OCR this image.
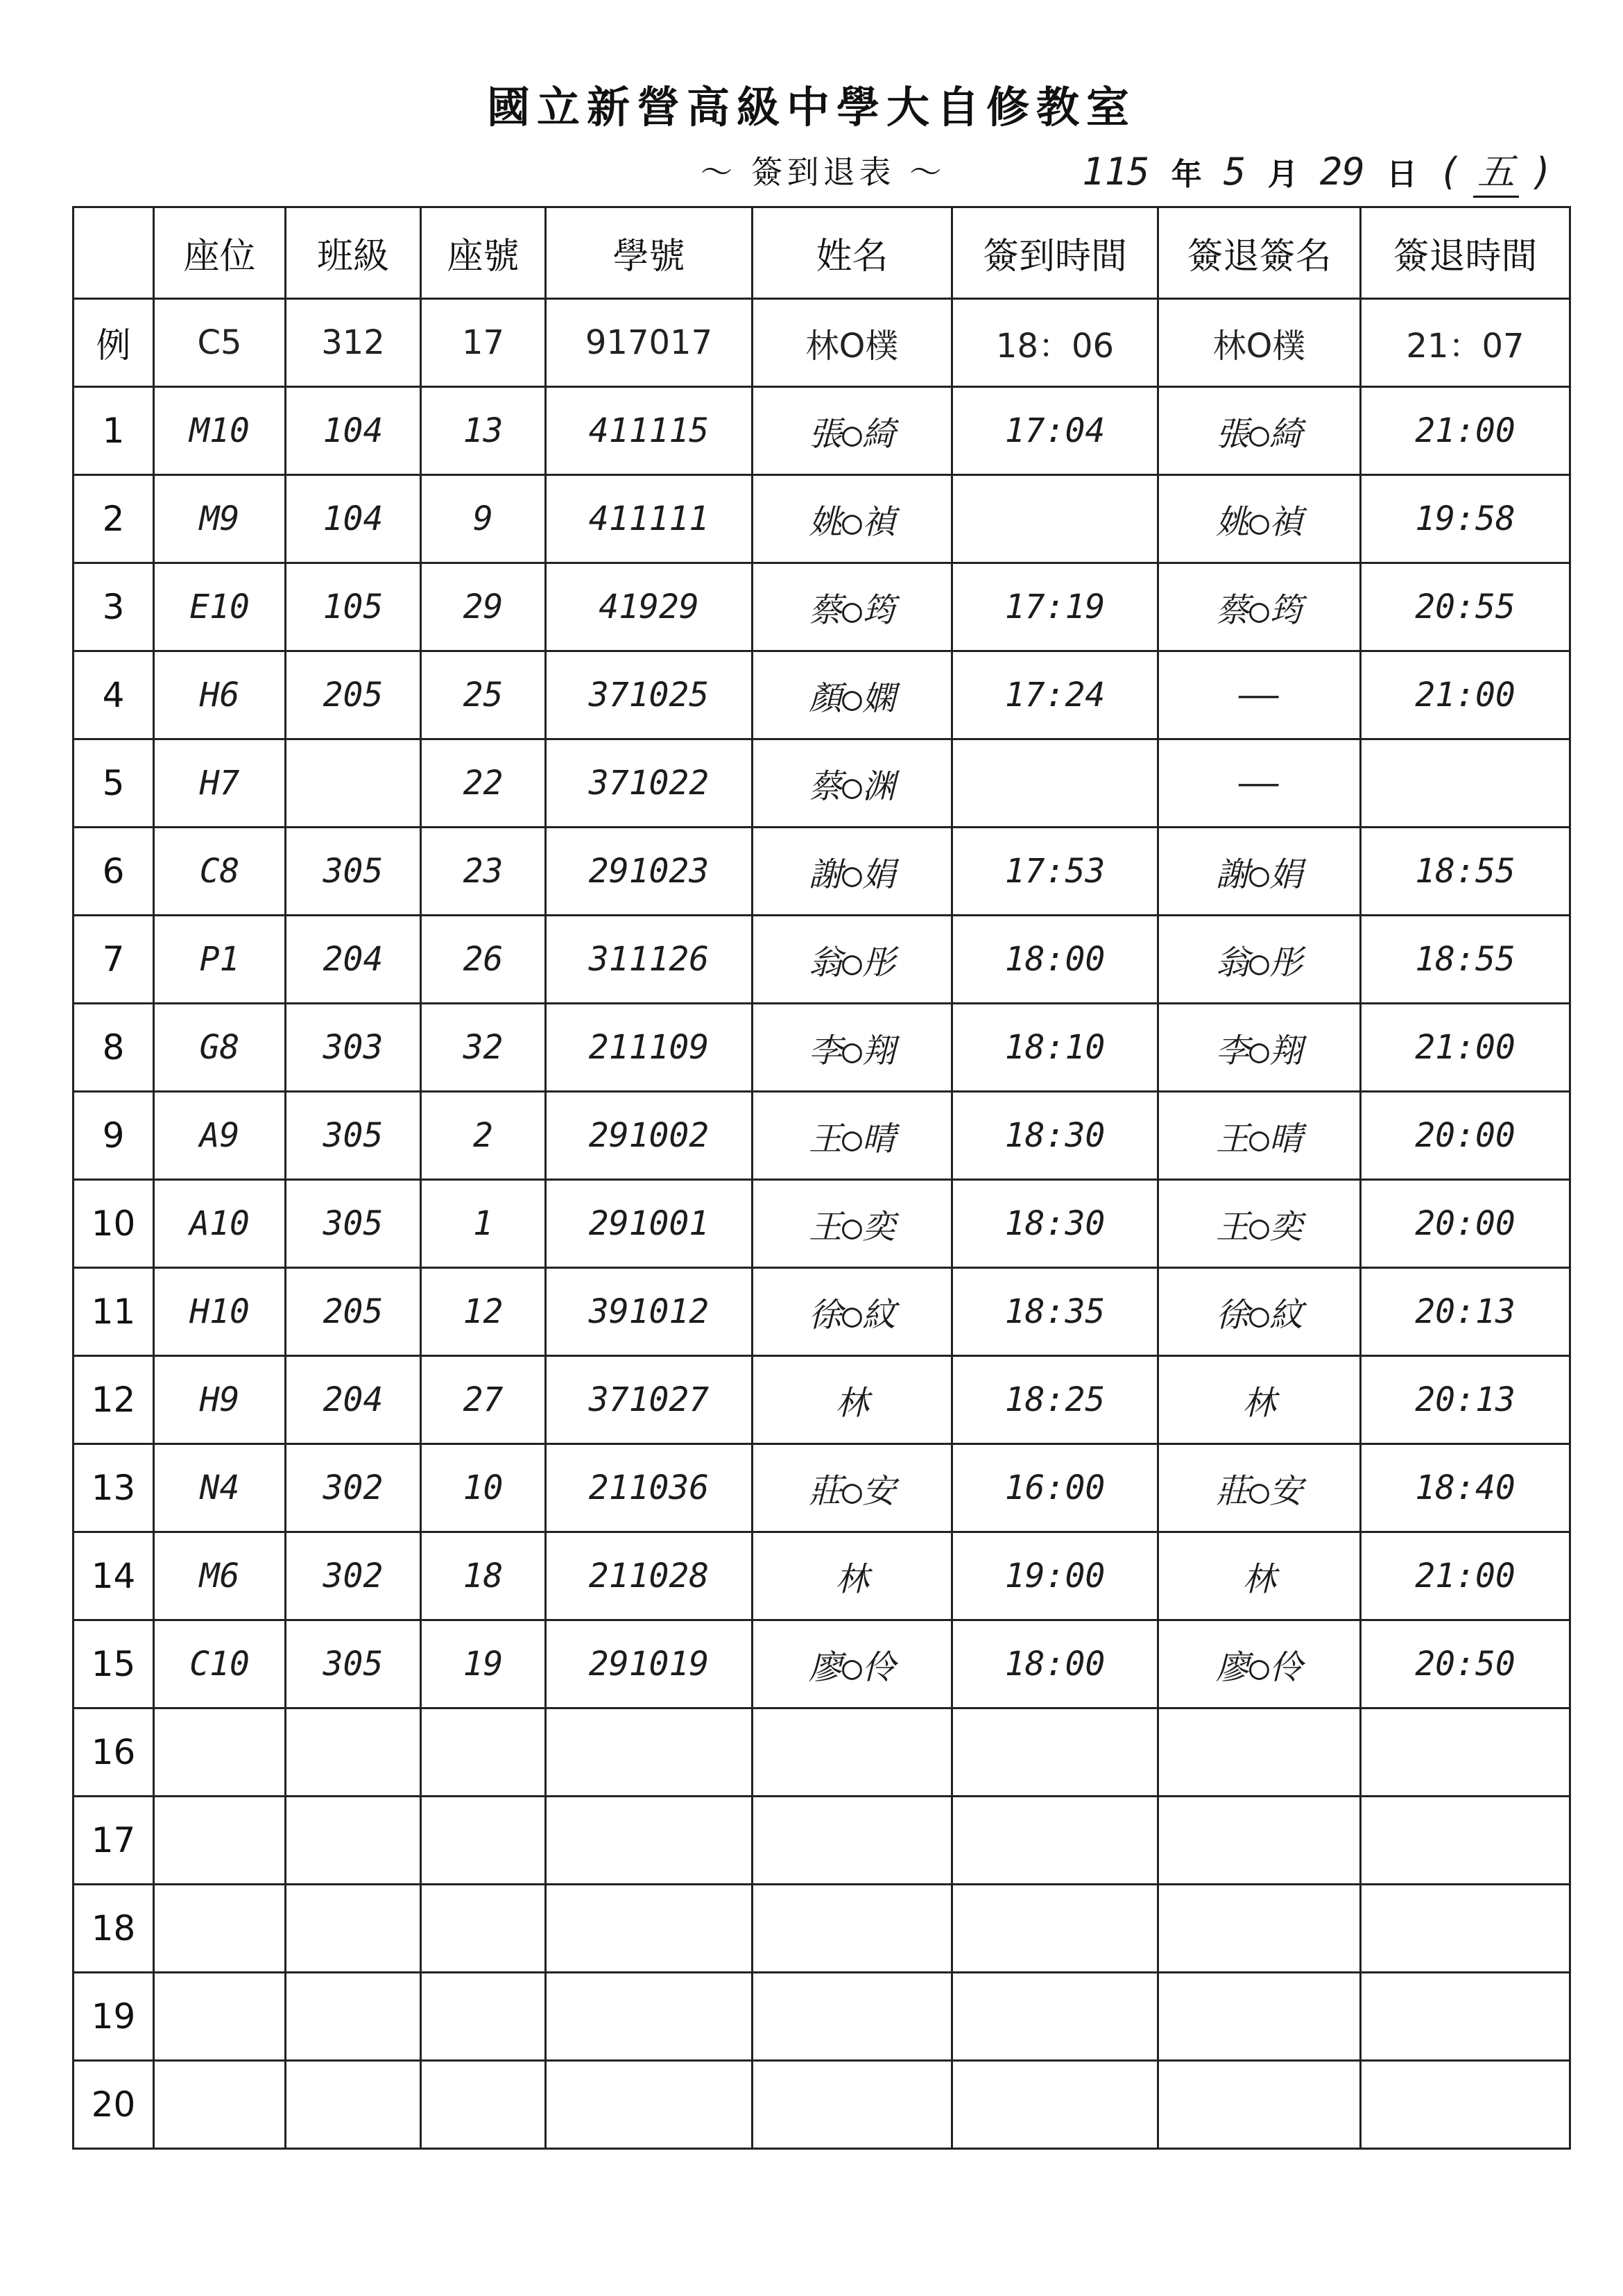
國立新營高級中學大自修教室
～ 簽到退表 ～	115 年 5 月 29 日 ( 五 )
	座位	班級	座號	學號	姓名	簽到時間	簽退簽名	簽退時間
例	C5	312	17	917017	林O樸	18：06	林O樸	21：07
1	M10	104	13	411115	張○綺	17:04	張○綺	21:00
2	M9	104	9	411111	姚○禎		姚○禎	19:58
3	E10	105	29	41929	蔡○筠	17:19	蔡○筠	20:55
4	H6	205	25	371025	顏○嫻	17:24	——	21:00
5	H7		22	371022	蔡○渊		——	
6	C8	305	23	291023	謝○娟	17:53	謝○娟	18:55
7	P1	204	26	311126	翁○彤	18:00	翁○彤	18:55
8	G8	303	32	211109	李○翔	18:10	李○翔	21:00
9	A9	305	2	291002	王○晴	18:30	王○晴	20:00
10	A10	305	1	291001	王○奕	18:30	王○奕	20:00
11	H10	205	12	391012	徐○紋	18:35	徐○紋	20:13
12	H9	204	27	371027	林	18:25	林	20:13
13	N4	302	10	211036	莊○安	16:00	莊○安	18:40
14	M6	302	18	211028	林	19:00	林	21:00
15	C10	305	19	291019	廖○伶	18:00	廖○伶	20:50
16								
17								
18								
19								
20								
